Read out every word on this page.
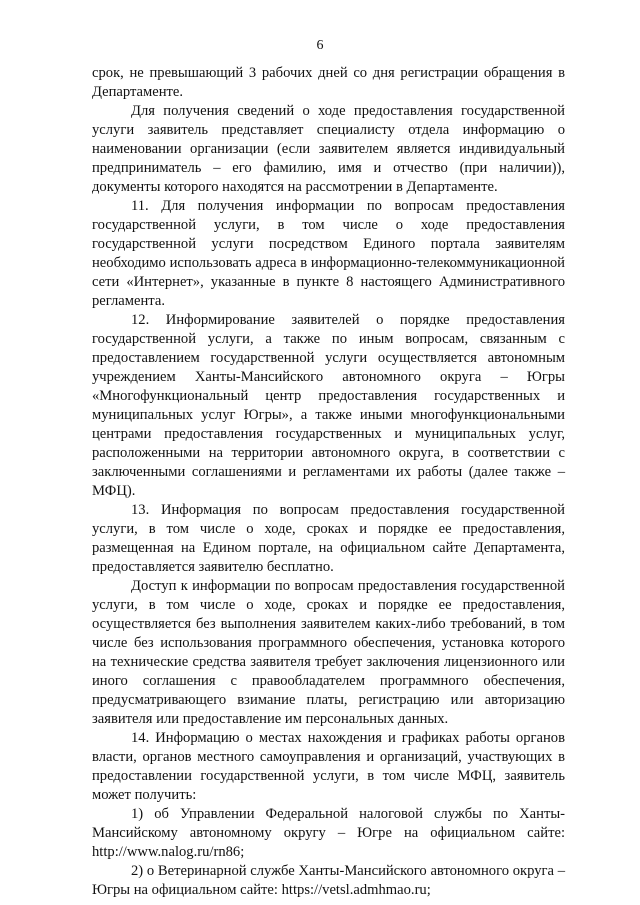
6

срок, не превышающий 3 рабочих дней со дня регистрации обращения в Департаменте.

Для получения сведений о ходе предоставления государственной услуги заявитель представляет специалисту отдела информацию о наименовании организации (если заявителем является индивидуальный предприниматель – его фамилию, имя и отчество (при наличии)), документы которого находятся на рассмотрении в Департаменте.

11. Для получения информации по вопросам предоставления государственной услуги, в том числе о ходе предоставления государственной услуги посредством Единого портала заявителям необходимо использовать адреса в информационно-телекоммуникационной сети «Интернет», указанные в пункте 8 настоящего Административного регламента.

12. Информирование заявителей о порядке предоставления государственной услуги, а также по иным вопросам, связанным с предоставлением государственной услуги осуществляется автономным учреждением Ханты-Мансийского автономного округа – Югры «Многофункциональный центр предоставления государственных и муниципальных услуг Югры», а также иными многофункциональными центрами предоставления государственных и муниципальных услуг, расположенными на территории автономного округа, в соответствии с заключенными соглашениями и регламентами их работы (далее также – МФЦ).

13. Информация по вопросам предоставления государственной услуги, в том числе о ходе, сроках и порядке ее предоставления, размещенная на Едином портале, на официальном сайте Департамента, предоставляется заявителю бесплатно.

Доступ к информации по вопросам предоставления государственной услуги, в том числе о ходе, сроках и порядке ее предоставления, осуществляется без выполнения заявителем каких-либо требований, в том числе без использования программного обеспечения, установка которого на технические средства заявителя требует заключения лицензионного или иного соглашения с правообладателем программного обеспечения, предусматривающего взимание платы, регистрацию или авторизацию заявителя или предоставление им персональных данных.

14. Информацию о местах нахождения и графиках работы органов власти, органов местного самоуправления и организаций, участвующих в предоставлении государственной услуги, в том числе МФЦ, заявитель может получить:

1) об Управлении Федеральной налоговой службы по Ханты-Мансийскому автономному округу – Югре на официальном сайте: http://www.nalog.ru/rn86;

2) о Ветеринарной службе Ханты-Мансийского автономного округа – Югры на официальном сайте: https://vetsl.admhmao.ru;
